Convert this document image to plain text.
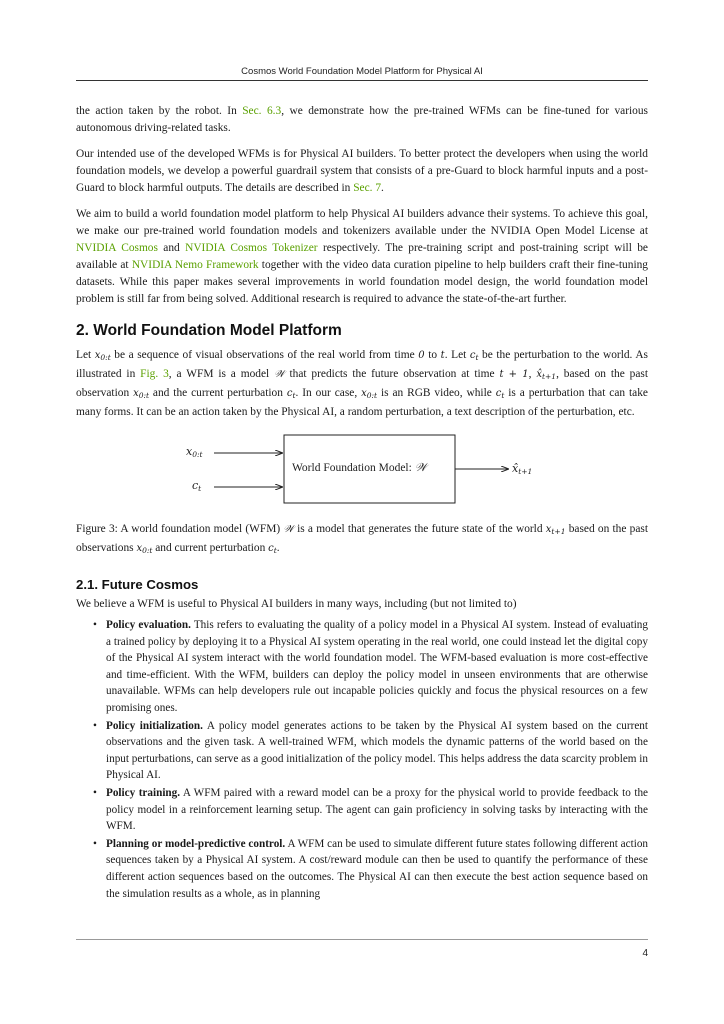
Cosmos World Foundation Model Platform for Physical AI

the action taken by the robot. In Sec. 6.3, we demonstrate how the pre-trained WFMs can be fine-tuned for various autonomous driving-related tasks.

Our intended use of the developed WFMs is for Physical AI builders. To better protect the developers when using the world foundation models, we develop a powerful guardrail system that consists of a pre-Guard to block harmful inputs and a post-Guard to block harmful outputs. The details are described in Sec. 7.

We aim to build a world foundation model platform to help Physical AI builders advance their systems. To achieve this goal, we make our pre-trained world foundation models and tokenizers available under the NVIDIA Open Model License at NVIDIA Cosmos and NVIDIA Cosmos Tokenizer respectively. The pre-training script and post-training script will be available at NVIDIA Nemo Framework together with the video data curation pipeline to help builders craft their fine-tuning datasets. While this paper makes several improvements in world foundation model design, the world foundation model problem is still far from being solved. Additional research is required to advance the state-of-the-art further.

2. World Foundation Model Platform

Let $x_{0:t}$ be a sequence of visual observations of the real world from time 0 to t. Let $c_t$ be the perturbation to the world. As illustrated in Fig. 3, a WFM is a model 𝒲 that predicts the future observation at time t + 1, $x̂_{t+1}$, based on the past observation $x_{0:t}$ and the current perturbation $c_t$. In our case, $x_{0:t}$ is an RGB video, while $c_t$ is a perturbation that can take many forms. It can be an action taken by the Physical AI, a random perturbation, a text description of the perturbation, etc.

x0:t
ct
World Foundation Model: 𝒲	x̂t+1

Figure 3: A world foundation model (WFM) 𝒲 is a model that generates the future state of the world $x_{t+1}$ based on the past observations $x_{0:t}$ and current perturbation $c_t$.

2.1. Future Cosmos

We believe a WFM is useful to Physical AI builders in many ways, including (but not limited to)

• Policy evaluation. This refers to evaluating the quality of a policy model in a Physical AI system. Instead of evaluating a trained policy by deploying it to a Physical AI system operating in the real world, one could instead let the digital copy of the Physical AI system interact with the world foundation model. The WFM-based evaluation is more cost-effective and time-efficient. With the WFM, builders can deploy the policy model in unseen environments that are otherwise unavailable. WFMs can help developers rule out incapable policies quickly and focus the physical resources on a few promising ones.
• Policy initialization. A policy model generates actions to be taken by the Physical AI system based on the current observations and the given task. A well-trained WFM, which models the dynamic patterns of the world based on the input perturbations, can serve as a good initialization of the policy model. This helps address the data scarcity problem in Physical AI.
• Policy training. A WFM paired with a reward model can be a proxy for the physical world to provide feedback to the policy model in a reinforcement learning setup. The agent can gain proficiency in solving tasks by interacting with the WFM.
• Planning or model-predictive control. A WFM can be used to simulate different future states following different action sequences taken by a Physical AI system. A cost/reward module can then be used to quantify the performance of these different action sequences based on the outcomes. The Physical AI can then execute the best action sequence based on the simulation results as a whole, as in planning
4
